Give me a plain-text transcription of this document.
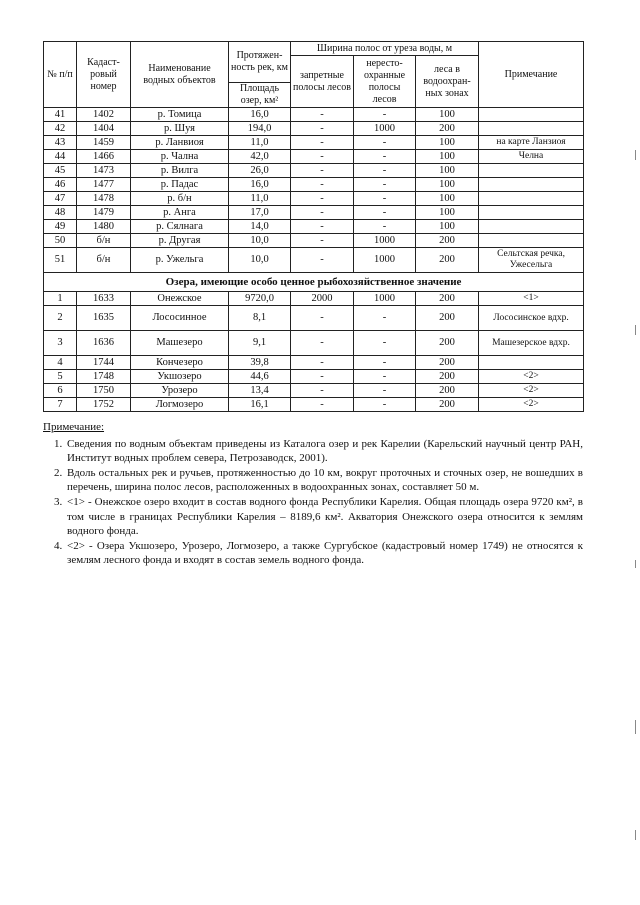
№ п/п	Кадаст-ровый номер	Наименование водных объектов	Протяжен-ность рек, км	Ширина полос от уреза воды, м			Примечание
				запретные полосы лесов	нересто-охранные полосы лесов	леса в водоохран-ных зонах	
			Площадь озер, км²				
41	1402	р. Томица	16,0	-	-	100	
42	1404	р. Шуя	194,0	-	1000	200	
43	1459	р. Ланвиоя	11,0	-	-	100	на карте Ланзиоя
44	1466	р. Чална	42,0	-	-	100	Челна
45	1473	р. Вилга	26,0	-	-	100	
46	1477	р. Падас	16,0	-	-	100	
47	1478	р. б/н	11,0	-	-	100	
48	1479	р. Анга	17,0	-	-	100	
49	1480	р. Сялнага	14,0	-	-	100	
50	б/н	р. Другая	10,0	-	1000	200	
51	б/н	р. Ужельга	10,0	-	1000	200	Сельтская речка, Ужесельга
Озера, имеющие особо ценное рыбохозяйственное значение							
1	1633	Онежское	9720,0	2000	1000	200	<1>
2	1635	Лососинное	8,1	-	-	200	Лососинское вдхр.
3	1636	Машезеро	9,1	-	-	200	Машезерское вдхр.
4	1744	Кончезеро	39,8	-	-	200	
5	1748	Укшозеро	44,6	-	-	200	<2>
6	1750	Урозеро	13,4	-	-	200	<2>
7	1752	Логмозеро	16,1	-	-	200	<2>
Примечание:
1. Сведения по водным объектам приведены из Каталога озер и рек Карелии (Карельский научный центр РАН, Институт водных проблем севера, Петрозаводск, 2001).
2. Вдоль остальных рек и ручьев, протяженностью до 10 км, вокруг проточных и сточных озер, не вошедших в перечень, ширина полос лесов, расположенных в водоохранных зонах, составляет 50 м.
3. <1> - Онежское озеро входит в состав водного фонда Республики Карелия. Общая площадь озера 9720 км², в том числе в границах Республики Карелия – 8189,6 км². Акватория Онежского озера относится к землям водного фонда.
4. <2> - Озера Укшозеро, Урозеро, Логмозеро, а также Сургубское (кадастровый номер 1749) не относятся к землям лесного фонда и входят в состав земель водного фонда.
